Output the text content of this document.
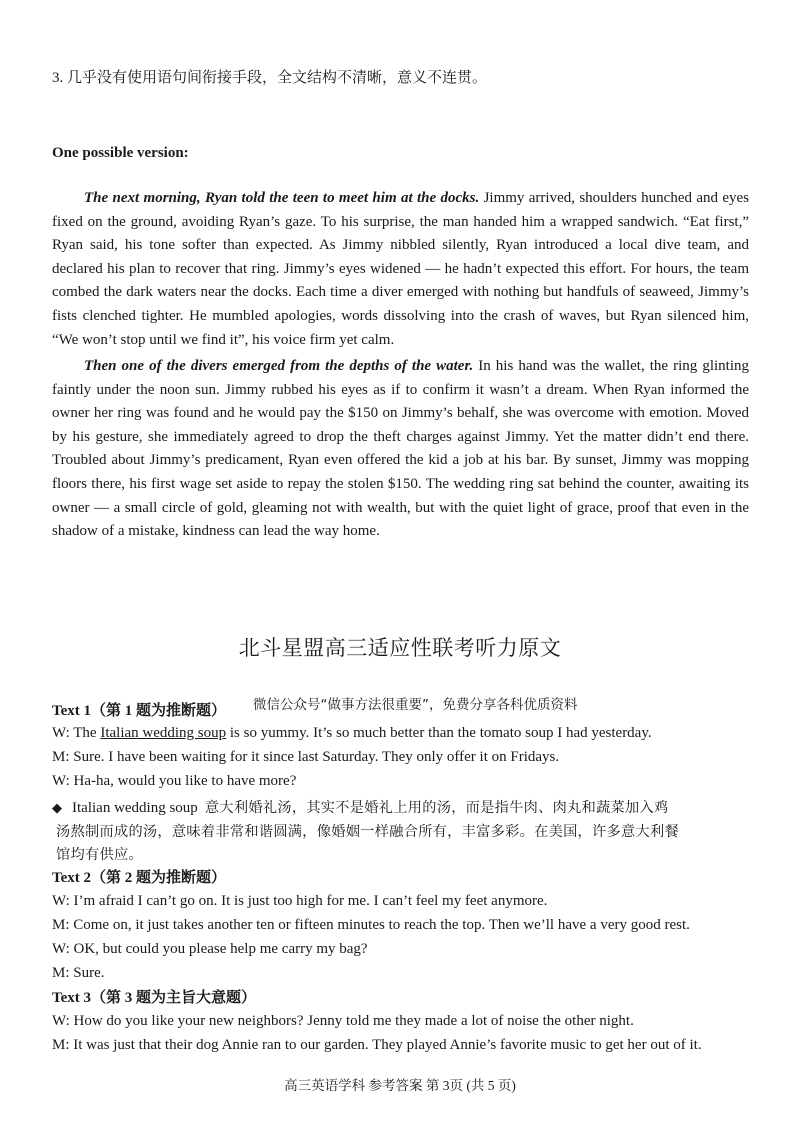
3. 几乎没有使用语句间衔接手段，全文结构不清晰，意义不连贯。
One possible version:

The next morning, Ryan told the teen to meet him at the docks. Jimmy arrived, shoulders hunched and eyes fixed on the ground, avoiding Ryan’s gaze. To his surprise, the man handed him a wrapped sandwich. “Eat first,” Ryan said, his tone softer than expected. As Jimmy nibbled silently, Ryan introduced a local dive team, and declared his plan to recover that ring. Jimmy’s eyes widened — he hadn’t expected this effort. For hours, the team combed the dark waters near the docks. Each time a diver emerged with nothing but handfuls of seaweed, Jimmy’s fists clenched tighter. He mumbled apologies, words dissolving into the crash of waves, but Ryan silenced him, “We won’t stop until we find it”, his voice firm yet calm.

Then one of the divers emerged from the depths of the water. In his hand was the wallet, the ring glinting faintly under the noon sun. Jimmy rubbed his eyes as if to confirm it wasn’t a dream. When Ryan informed the owner her ring was found and he would pay the $150 on Jimmy’s behalf, she was overcome with emotion. Moved by his gesture, she immediately agreed to drop the theft charges against Jimmy. Yet the matter didn’t end there. Troubled about Jimmy’s predicament, Ryan even offered the kid a job at his bar. By sunset, Jimmy was mopping floors there, his first wage set aside to repay the stolen $150. The wedding ring sat behind the counter, awaiting its owner — a small circle of gold, gleaming not with wealth, but with the quiet light of grace, proof that even in the shadow of a mistake, kindness can lead the way home.

北斗星盟高三适应性联考听力原文
Text 1（第 1 题为推断题） 微信公众号“做事方法很重要”，免费分享各科优质资料
W: The Italian wedding soup is so yummy. It’s so much better than the tomato soup I had yesterday.
M: Sure. I have been waiting for it since last Saturday. They only offer it on Fridays.
W: Ha-ha, would you like to have more?
◆ Italian wedding soup 意大利婚礼汤，其实不是婚礼上用的汤，而是指牛肉、肉丸和蔬菜加入鸡
汤熬制而成的汤，意味着非常和谐圆满，像婚姻一样融合所有，丰富多彩。在美国，许多意大利餐
馆均有供应。
Text 2（第 2 题为推断题）
W: I’m afraid I can’t go on. It is just too high for me. I can’t feel my feet anymore.
M: Come on, it just takes another ten or fifteen minutes to reach the top. Then we’ll have a very good rest.
W: OK, but could you please help me carry my bag?
M: Sure.
Text 3（第 3 题为主旨大意题）
W: How do you like your new neighbors? Jenny told me they made a lot of noise the other night.
M: It was just that their dog Annie ran to our garden. They played Annie’s favorite music to get her out of it.
高三英语学科 参考答案 第 3页 (共 5 页)
